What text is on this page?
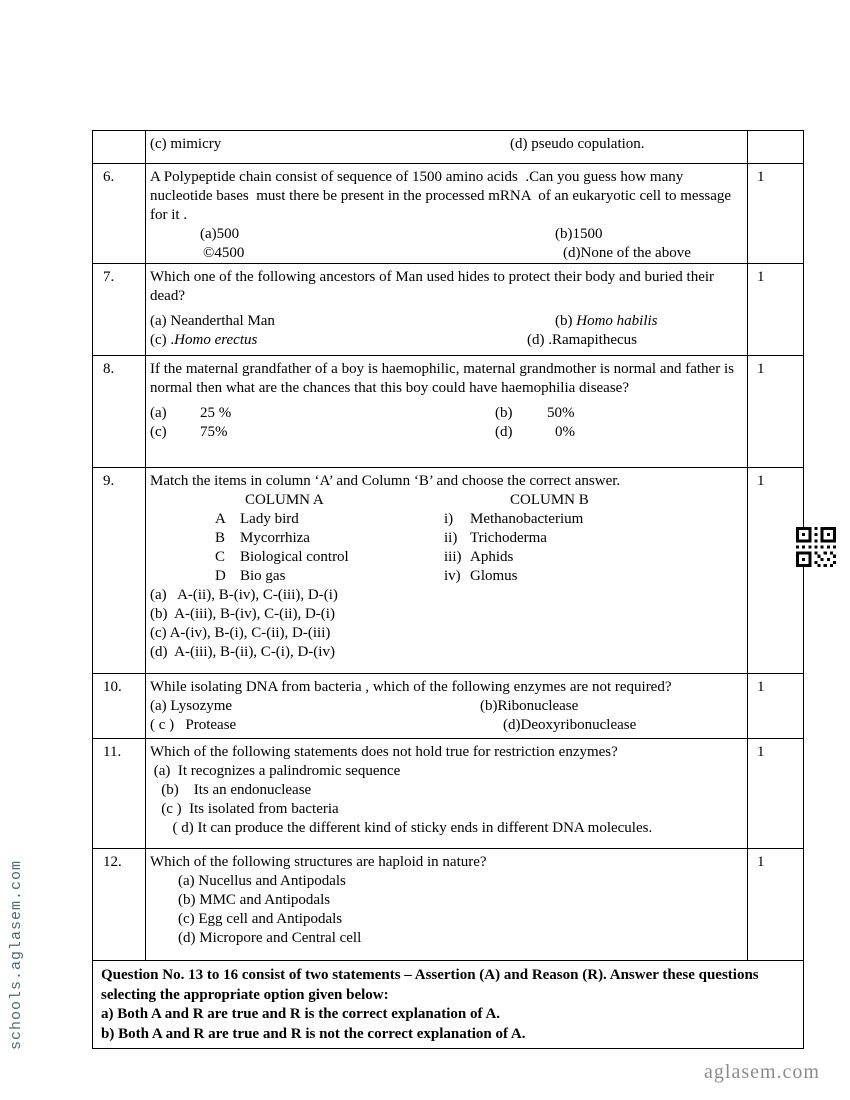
(c) mimicry	(d) pseudo copulation.
6.	A Polypeptide chain consist of sequence of 1500 amino acids  .Can you guess how many nucleotide bases  must there be present in the processed mRNA  of an eukaryotic cell to message for it .
(a)500	(b)1500
©4500	(d)None of the above
1
7.	Which one of the following ancestors of Man used hides to protect their body and buried their dead?
(a) Neanderthal Man	(b) Homo habilis
(c) .Homo erectus	(d) .Ramapithecus
1
8.	If the maternal grandfather of a boy is haemophilic, maternal grandmother is normal and father is normal then what are the chances that this boy could have haemophilia disease?
(a) 25 %	(b) 50%
(c) 75%	(d)	0%
1
9.	Match the items in column ‘A’ and Column ‘B’ and choose the correct answer.
COLUMN A	COLUMN B
A Lady bird	i) Methanobacterium
B Mycorrhiza	ii) Trichoderma
C Biological control	iii) Aphids
D Bio gas	iv) Glomus
(a)   A-(ii), B-(iv), C-(iii), D-(i)
(b)  A-(iii), B-(iv), C-(ii), D-(i)
(c) A-(iv), B-(i), C-(ii), D-(iii)
(d)  A-(iii), B-(ii), C-(i), D-(iv)
1
10.	While isolating DNA from bacteria , which of the following enzymes are not required?
(a) Lysozyme	(b)Ribonuclease
( c )   Protease	(d)Deoxyribonuclease
1
11.	Which of the following statements does not hold true for restriction enzymes?
(a)  It recognizes a palindromic sequence
(b)    Its an endonuclease
(c )  Its isolated from bacteria
( d) It can produce the different kind of sticky ends in different DNA molecules.
1
12.	Which of the following structures are haploid in nature?
(a) Nucellus and Antipodals
(b) MMC and Antipodals
(c) Egg cell and Antipodals
(d) Micropore and Central cell
1
Question No. 13 to 16 consist of two statements – Assertion (A) and Reason (R). Answer these questions selecting the appropriate option given below:
a) Both A and R are true and R is the correct explanation of A.
b) Both A and R are true and R is not the correct explanation of A.
schools.aglasem.com
aglasem.com
